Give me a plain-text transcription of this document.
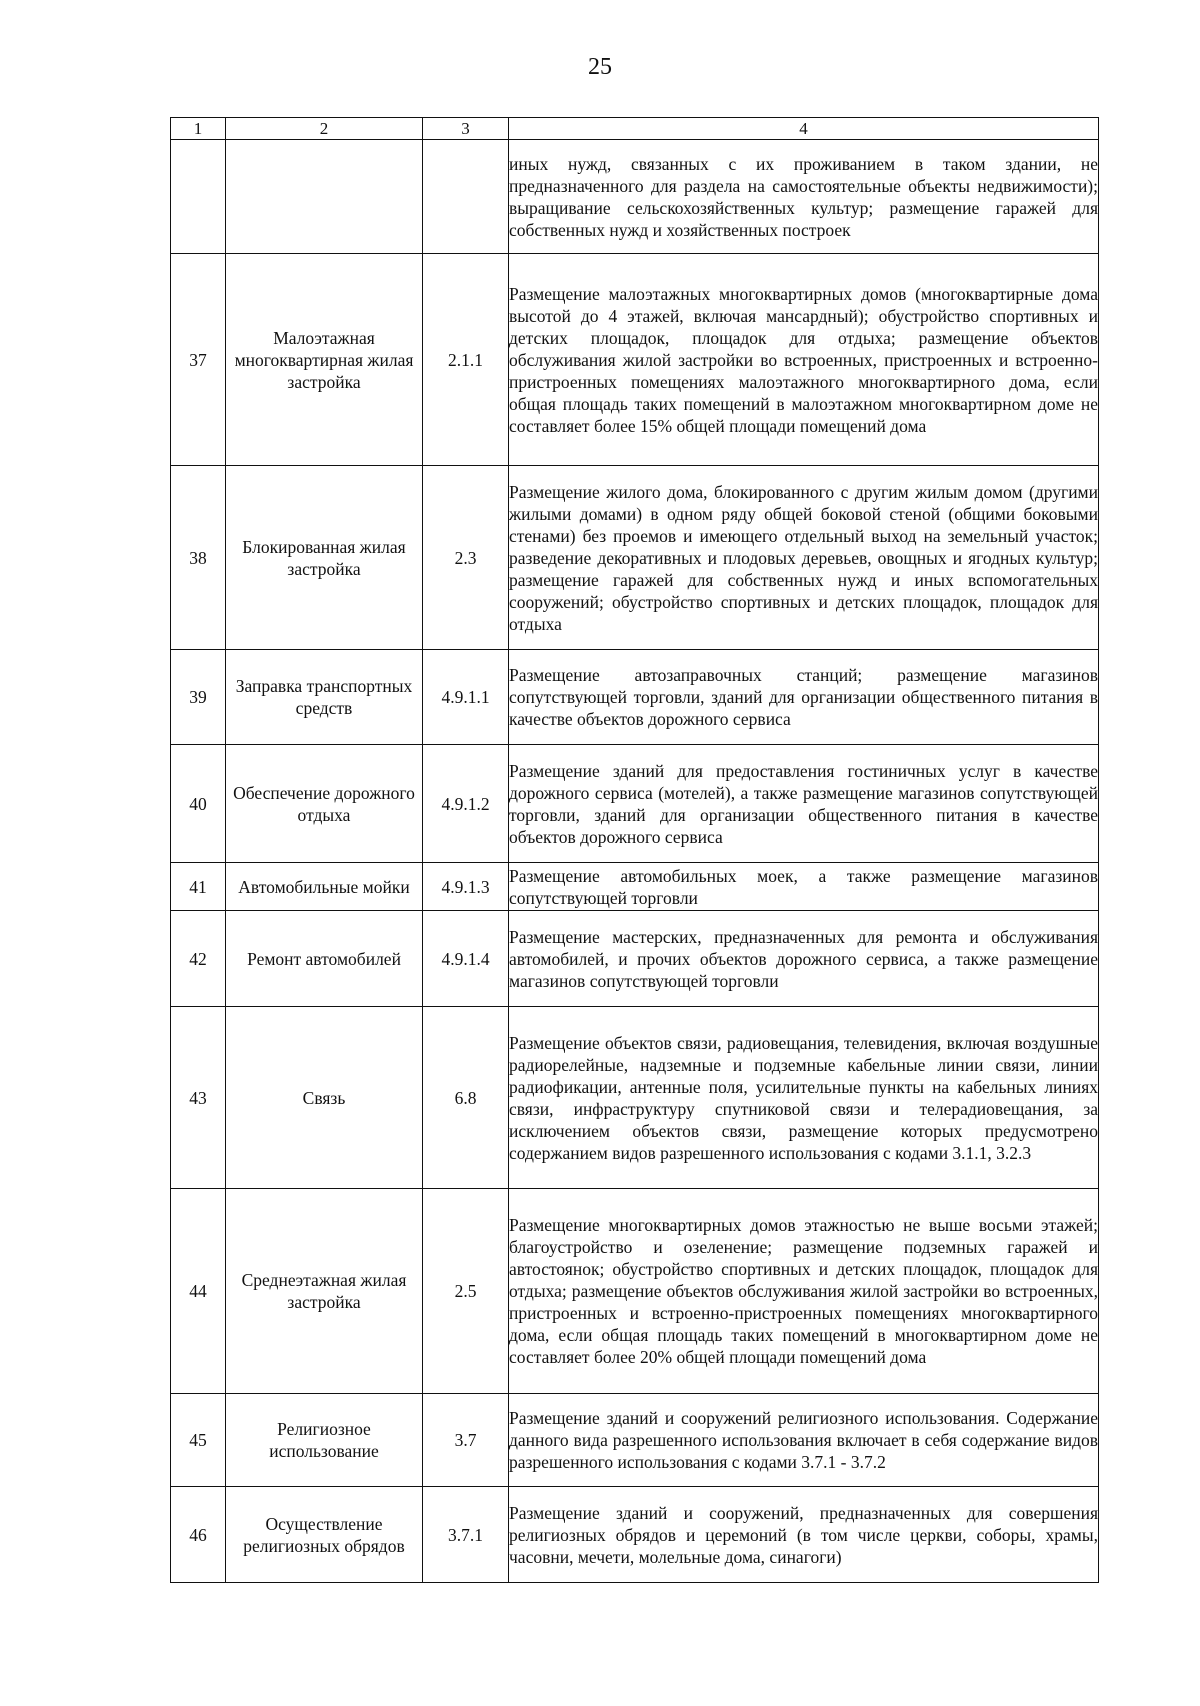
25
1	2	3	4
			иных нужд, связанных с их проживанием в таком здании, не предназначенного для раздела на самостоятельные объекты недвижимости); выращивание сельскохозяйственных культур; размещение гаражей для собственных нужд и хозяйственных построек
37	Малоэтажная многоквартирная жилая застройка	2.1.1	Размещение малоэтажных многоквартирных домов (многоквартирные дома высотой до 4 этажей, включая мансардный); обустройство спортивных и детских площадок, площадок для отдыха; размещение объектов обслуживания жилой застройки во встроенных, пристроенных и встроенно-пристроенных помещениях малоэтажного многоквартирного дома, если общая площадь таких помещений в малоэтажном многоквартирном доме не составляет более 15% общей площади помещений дома
38	Блокированная жилая застройка	2.3	Размещение жилого дома, блокированного с другим жилым домом (другими жилыми домами) в одном ряду общей боковой стеной (общими боковыми стенами) без проемов и имеющего отдельный выход на земельный участок; разведение декоративных и плодовых деревьев, овощных и ягодных культур; размещение гаражей для собственных нужд и иных вспомогательных сооружений; обустройство спортивных и детских площадок, площадок для отдыха
39	Заправка транспортных средств	4.9.1.1	Размещение автозаправочных станций; размещение магазинов сопутствующей торговли, зданий для организации общественного питания в качестве объектов дорожного сервиса
40	Обеспечение дорожного отдыха	4.9.1.2	Размещение зданий для предоставления гостиничных услуг в качестве дорожного сервиса (мотелей), а также размещение магазинов сопутствующей торговли, зданий для организации общественного питания в качестве объектов дорожного сервиса
41	Автомобильные мойки	4.9.1.3	Размещение автомобильных моек, а также размещение магазинов сопутствующей торговли
42	Ремонт автомобилей	4.9.1.4	Размещение мастерских, предназначенных для ремонта и обслуживания автомобилей, и прочих объектов дорожного сервиса, а также размещение магазинов сопутствующей торговли
43	Связь	6.8	Размещение объектов связи, радиовещания, телевидения, включая воздушные радиорелейные, надземные и подземные кабельные линии связи, линии радиофикации, антенные поля, усилительные пункты на кабельных линиях связи, инфраструктуру спутниковой связи и телерадиовещания, за исключением объектов связи, размещение которых предусмотрено содержанием видов разрешенного использования с кодами 3.1.1, 3.2.3
44	Среднеэтажная жилая застройка	2.5	Размещение многоквартирных домов этажностью не выше восьми этажей; благоустройство и озеленение; размещение подземных гаражей и автостоянок; обустройство спортивных и детских площадок, площадок для отдыха; размещение объектов обслуживания жилой застройки во встроенных, пристроенных и встроенно-пристроенных помещениях многоквартирного дома, если общая площадь таких помещений в многоквартирном доме не составляет более 20% общей площади помещений дома
45	Религиозное использование	3.7	Размещение зданий и сооружений религиозного использования. Содержание данного вида разрешенного использования включает в себя содержание видов разрешенного использования с кодами 3.7.1 - 3.7.2
46	Осуществление религиозных обрядов	3.7.1	Размещение зданий и сооружений, предназначенных для совершения религиозных обрядов и церемоний (в том числе церкви, соборы, храмы, часовни, мечети, молельные дома, синагоги)
